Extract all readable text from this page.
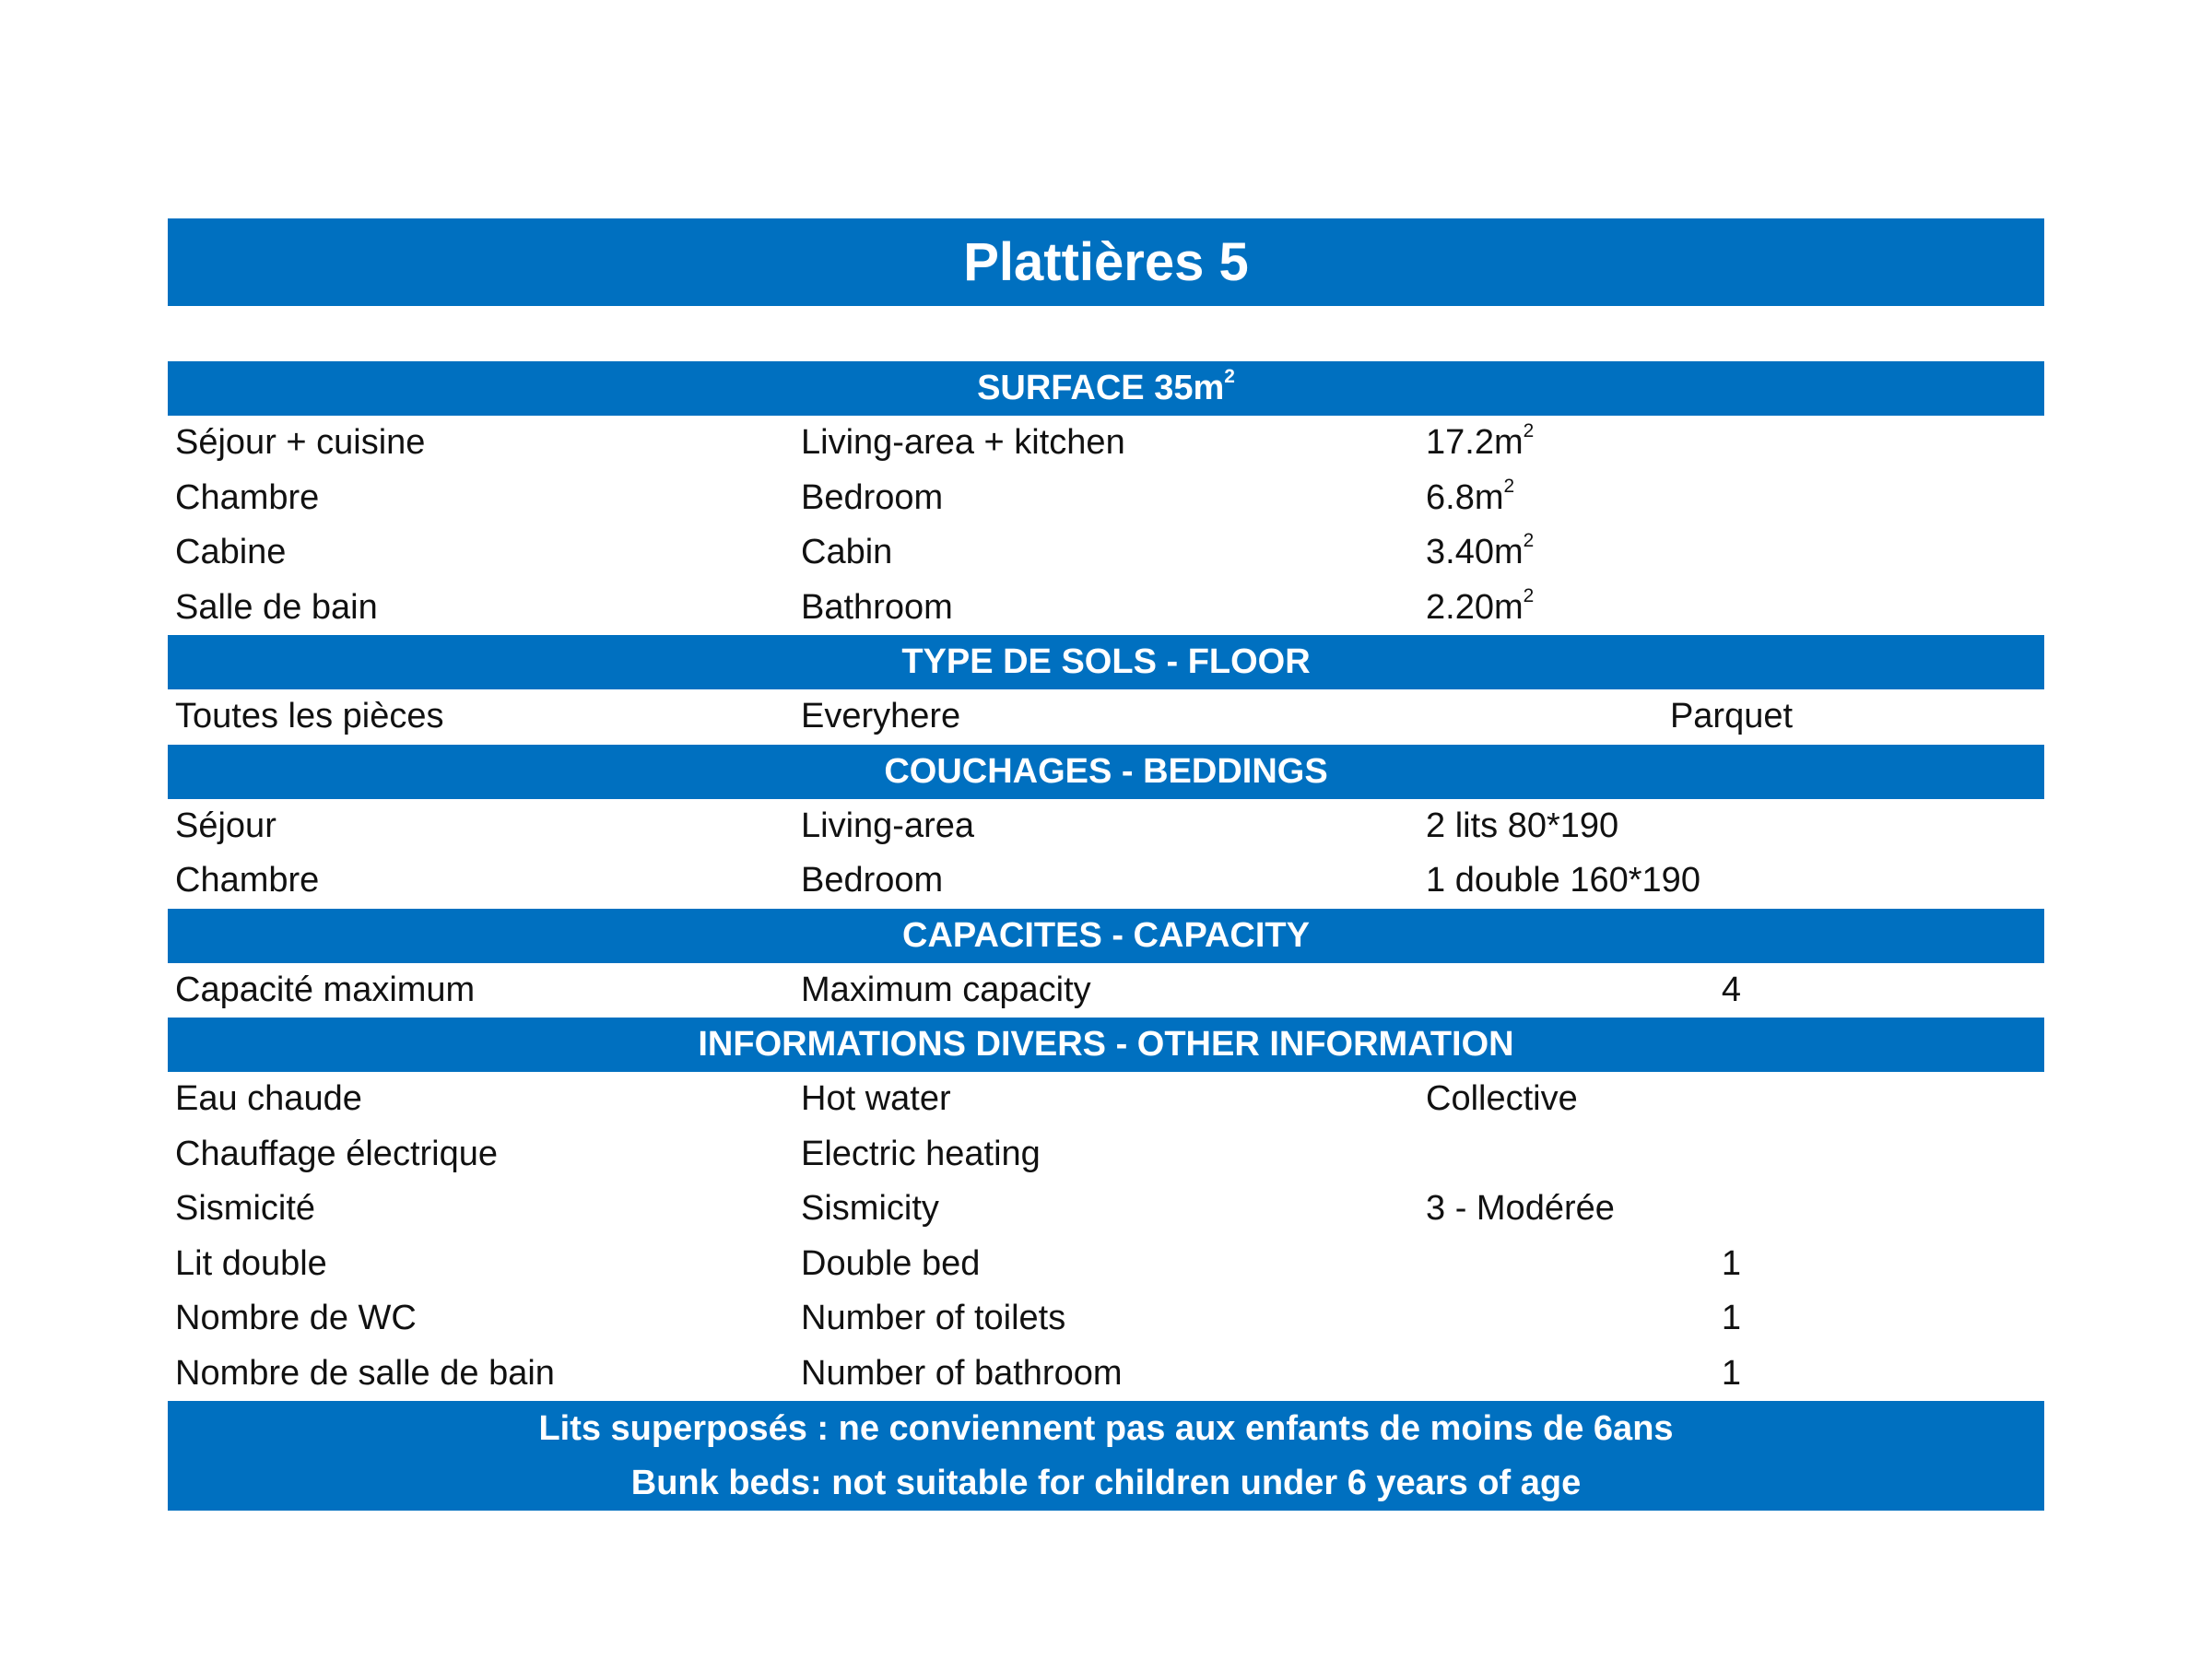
Plattières 5
SURFACE $35m^2$
Séjour + cuisine	Living-area + kitchen	$17.2m^2$
Chambre	Bedroom	$6.8m^2$
Cabine	Cabin	$3.40m^2$
Salle de bain	Bathroom	$2.20m^2$
TYPE DE SOLS - FLOOR
Toutes les pièces	Everyhere	Parquet
COUCHAGES - BEDDINGS
Séjour	Living-area	2 lits 80*190
Chambre	Bedroom	1 double 160*190
CAPACITES - CAPACITY
Capacité maximum	Maximum capacity	4
INFORMATIONS DIVERS - OTHER INFORMATION
Eau chaude	Hot water	Collective
Chauffage électrique	Electric heating
Sismicité	Sismicity	3 - Modérée
Lit double	Double bed	1
Nombre de WC	Number of toilets	1
Nombre de salle de bain	Number of bathroom	1
Lits superposés : ne conviennent pas aux enfants de moins de 6ans
Bunk beds: not suitable for children under 6 years of age
